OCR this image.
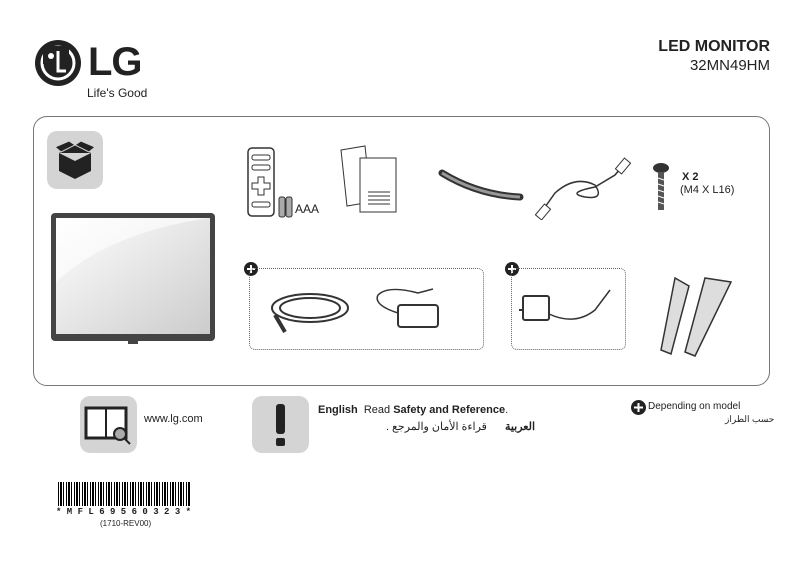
LG
Life's Good
LED MONITOR
32MN49HM
AAA
X 2
(M4 X L16)
www.lg.com
English Read Safety and Reference.
العربية
قراءة الأمان والمرجع .
Depending on model
حسب الطراز
* M F L 6 9 5 6 0 3 2 3 *
(1710-REV00)
